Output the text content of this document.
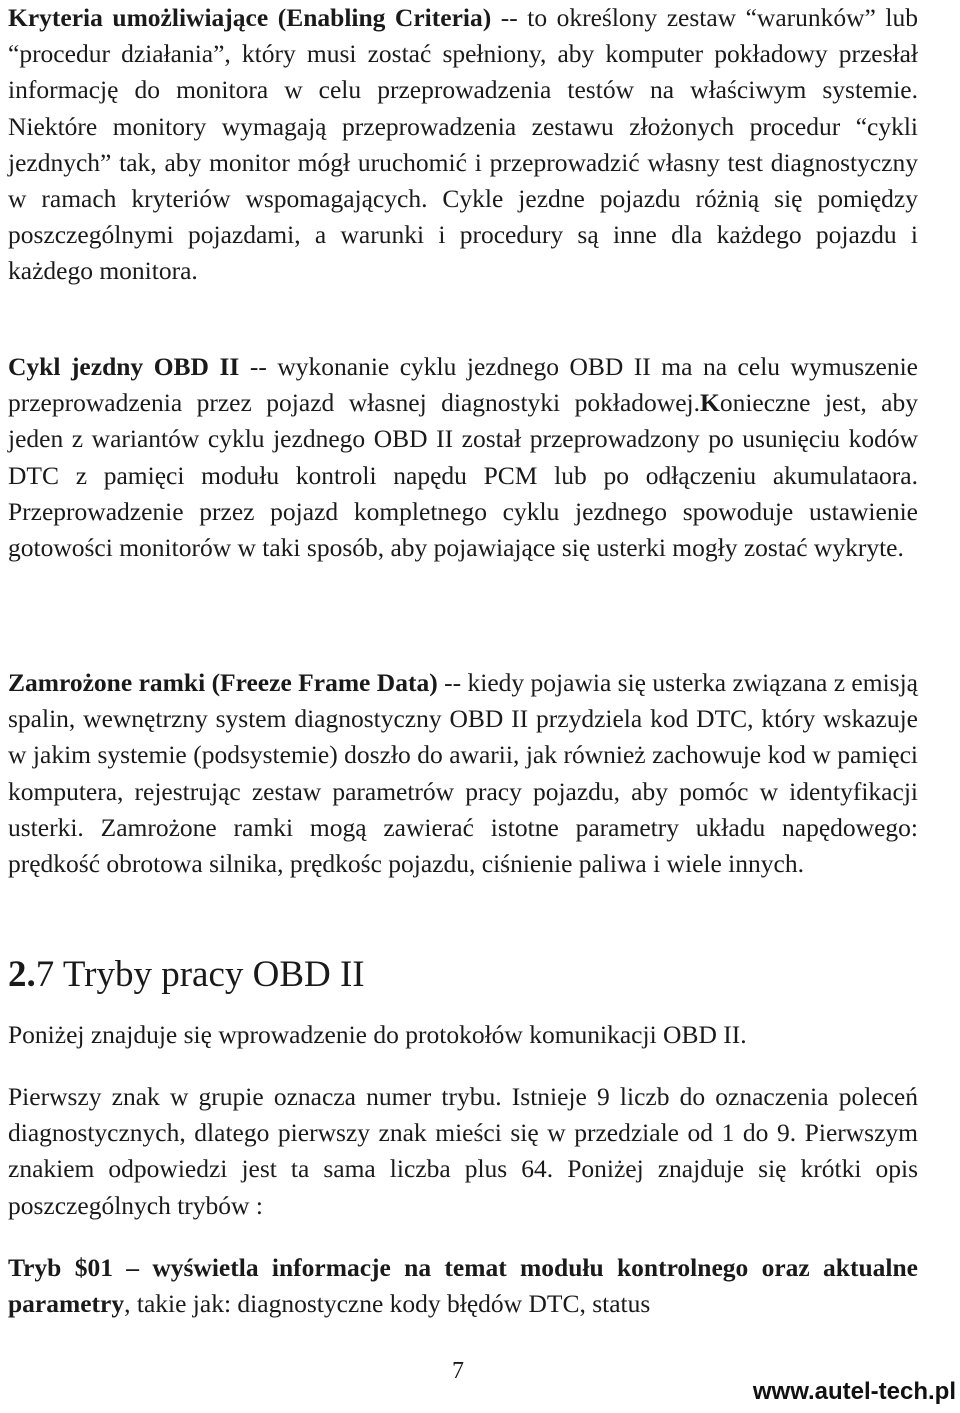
Kryteria umożliwiające (Enabling Criteria) -- to określony zestaw “warunków” lub “procedur działania”, który musi zostać spełniony, aby komputer pokładowy przesłał informację do monitora w celu przeprowadzenia testów na właściwym systemie. Niektóre monitory wymagają przeprowadzenia zestawu złożonych procedur “cykli jezdnych” tak, aby monitor mógł uruchomić i przeprowadzić własny test diagnostyczny w ramach kryteriów wspomagających. Cykle jezdne pojazdu różnią się pomiędzy poszczególnymi pojazdami, a warunki i procedury są inne dla każdego pojazdu i każdego monitora.

Cykl jezdny OBD II -- wykonanie cyklu jezdnego OBD II ma na celu wymuszenie przeprowadzenia przez pojazd własnej diagnostyki pokładowej.Konieczne jest, aby jeden z wariantów cyklu jezdnego OBD II został przeprowadzony po usunięciu kodów DTC z pamięci modułu kontroli napędu PCM lub po odłączeniu akumulataora. Przeprowadzenie przez pojazd kompletnego cyklu jezdnego spowoduje ustawienie gotowości monitorów w taki sposób, aby pojawiające się usterki mogły zostać wykryte.

Zamrożone ramki (Freeze Frame Data) -- kiedy pojawia się usterka związana z emisją spalin, wewnętrzny system diagnostyczny OBD II przydziela kod DTC, który wskazuje w jakim systemie (podsystemie) doszło do awarii, jak również zachowuje kod w pamięci komputera, rejestrując zestaw parametrów pracy pojazdu, aby pomóc w identyfikacji usterki. Zamrożone ramki mogą zawierać istotne parametry układu napędowego: prędkość obrotowa silnika, prędkośc pojazdu, ciśnienie paliwa i wiele innych.

2.7 Tryby pracy OBD II

Poniżej znajduje się wprowadzenie do protokołów komunikacji OBD II.

Pierwszy znak w grupie oznacza numer trybu. Istnieje 9 liczb do oznaczenia poleceń diagnostycznych, dlatego pierwszy znak mieści się w przedziale od 1 do 9. Pierwszym znakiem odpowiedzi jest ta sama liczba plus 64. Poniżej znajduje się krótki opis poszczególnych trybów :

Tryb $01 – wyświetla informacje na temat modułu kontrolnego oraz aktualne parametry, takie jak: diagnostyczne kody błędów DTC, status

7
www.autel-tech.pl
